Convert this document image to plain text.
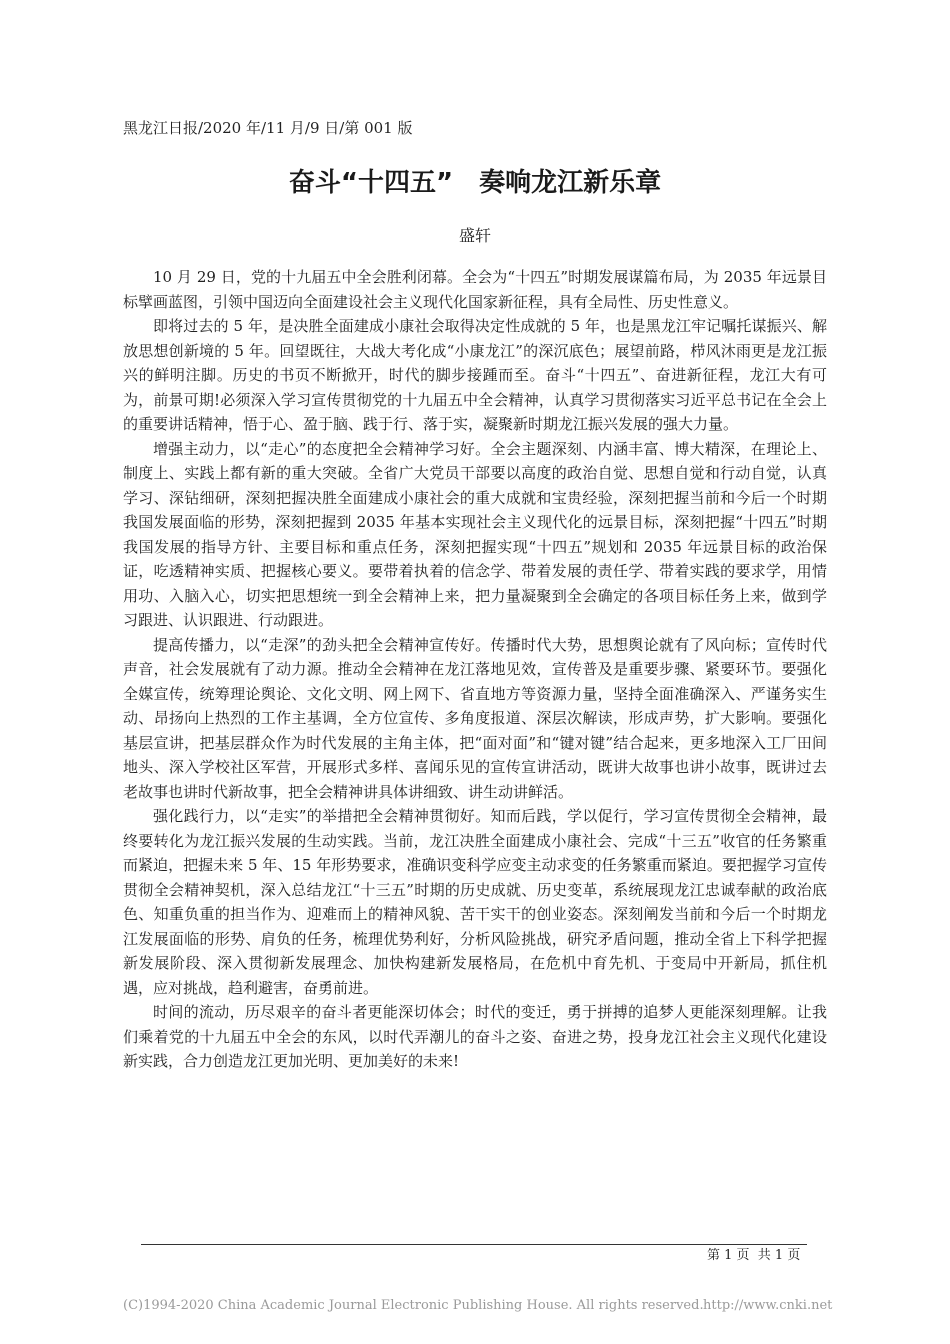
黑龙江日报/2020 年/11 月/9 日/第 001 版
奋斗“十四五”　奏响龙江新乐章
盛轩

10 月 29 日，党的十九届五中全会胜利闭幕。全会为“十四五”时期发展谋篇布局，为 2035 年远景目标擘画蓝图，引领中国迈向全面建设社会主义现代化国家新征程，具有全局性、历史性意义。

即将过去的 5 年，是决胜全面建成小康社会取得决定性成就的 5 年，也是黑龙江牢记嘱托谋振兴、解放思想创新境的 5 年。回望既往，大战大考化成“小康龙江”的深沉底色；展望前路，栉风沐雨更是龙江振兴的鲜明注脚。历史的书页不断掀开，时代的脚步接踵而至。奋斗“十四五”、奋进新征程，龙江大有可为，前景可期!必须深入学习宣传贯彻党的十九届五中全会精神，认真学习贯彻落实习近平总书记在全会上的重要讲话精神，悟于心、盈于脑、践于行、落于实，凝聚新时期龙江振兴发展的强大力量。

增强主动力，以“走心”的态度把全会精神学习好。全会主题深刻、内涵丰富、博大精深，在理论上、制度上、实践上都有新的重大突破。全省广大党员干部要以高度的政治自觉、思想自觉和行动自觉，认真学习、深钻细研，深刻把握决胜全面建成小康社会的重大成就和宝贵经验，深刻把握当前和今后一个时期我国发展面临的形势，深刻把握到 2035 年基本实现社会主义现代化的远景目标，深刻把握“十四五”时期我国发展的指导方针、主要目标和重点任务，深刻把握实现“十四五”规划和 2035 年远景目标的政治保证，吃透精神实质、把握核心要义。要带着执着的信念学、带着发展的责任学、带着实践的要求学，用情用功、入脑入心，切实把思想统一到全会精神上来，把力量凝聚到全会确定的各项目标任务上来，做到学习跟进、认识跟进、行动跟进。

提高传播力，以“走深”的劲头把全会精神宣传好。传播时代大势，思想舆论就有了风向标；宣传时代声音，社会发展就有了动力源。推动全会精神在龙江落地见效，宣传普及是重要步骤、紧要环节。要强化全媒宣传，统筹理论舆论、文化文明、网上网下、省直地方等资源力量，坚持全面准确深入、严谨务实生动、昂扬向上热烈的工作主基调，全方位宣传、多角度报道、深层次解读，形成声势，扩大影响。要强化基层宣讲，把基层群众作为时代发展的主角主体，把“面对面”和“键对键”结合起来，更多地深入工厂田间地头、深入学校社区军营，开展形式多样、喜闻乐见的宣传宣讲活动，既讲大故事也讲小故事，既讲过去老故事也讲时代新故事，把全会精神讲具体讲细致、讲生动讲鲜活。

强化践行力，以“走实”的举措把全会精神贯彻好。知而后践，学以促行，学习宣传贯彻全会精神，最终要转化为龙江振兴发展的生动实践。当前，龙江决胜全面建成小康社会、完成“十三五”收官的任务繁重而紧迫，把握未来 5 年、15 年形势要求，准确识变科学应变主动求变的任务繁重而紧迫。要把握学习宣传贯彻全会精神契机，深入总结龙江“十三五”时期的历史成就、历史变革，系统展现龙江忠诚奉献的政治底色、知重负重的担当作为、迎难而上的精神风貌、苦干实干的创业姿态。深刻阐发当前和今后一个时期龙江发展面临的形势、肩负的任务，梳理优势利好，分析风险挑战，研究矛盾问题，推动全省上下科学把握新发展阶段、深入贯彻新发展理念、加快构建新发展格局，在危机中育先机、于变局中开新局，抓住机遇，应对挑战，趋利避害，奋勇前进。

时间的流动，历尽艰辛的奋斗者更能深切体会；时代的变迁，勇于拼搏的追梦人更能深刻理解。让我们乘着党的十九届五中全会的东风，以时代弄潮儿的奋斗之姿、奋进之势，投身龙江社会主义现代化建设新实践，合力创造龙江更加光明、更加美好的未来!

第 1 页  共 1 页
(C)1994-2020 China Academic Journal Electronic Publishing House. All rights reserved. http://www.cnki.net
